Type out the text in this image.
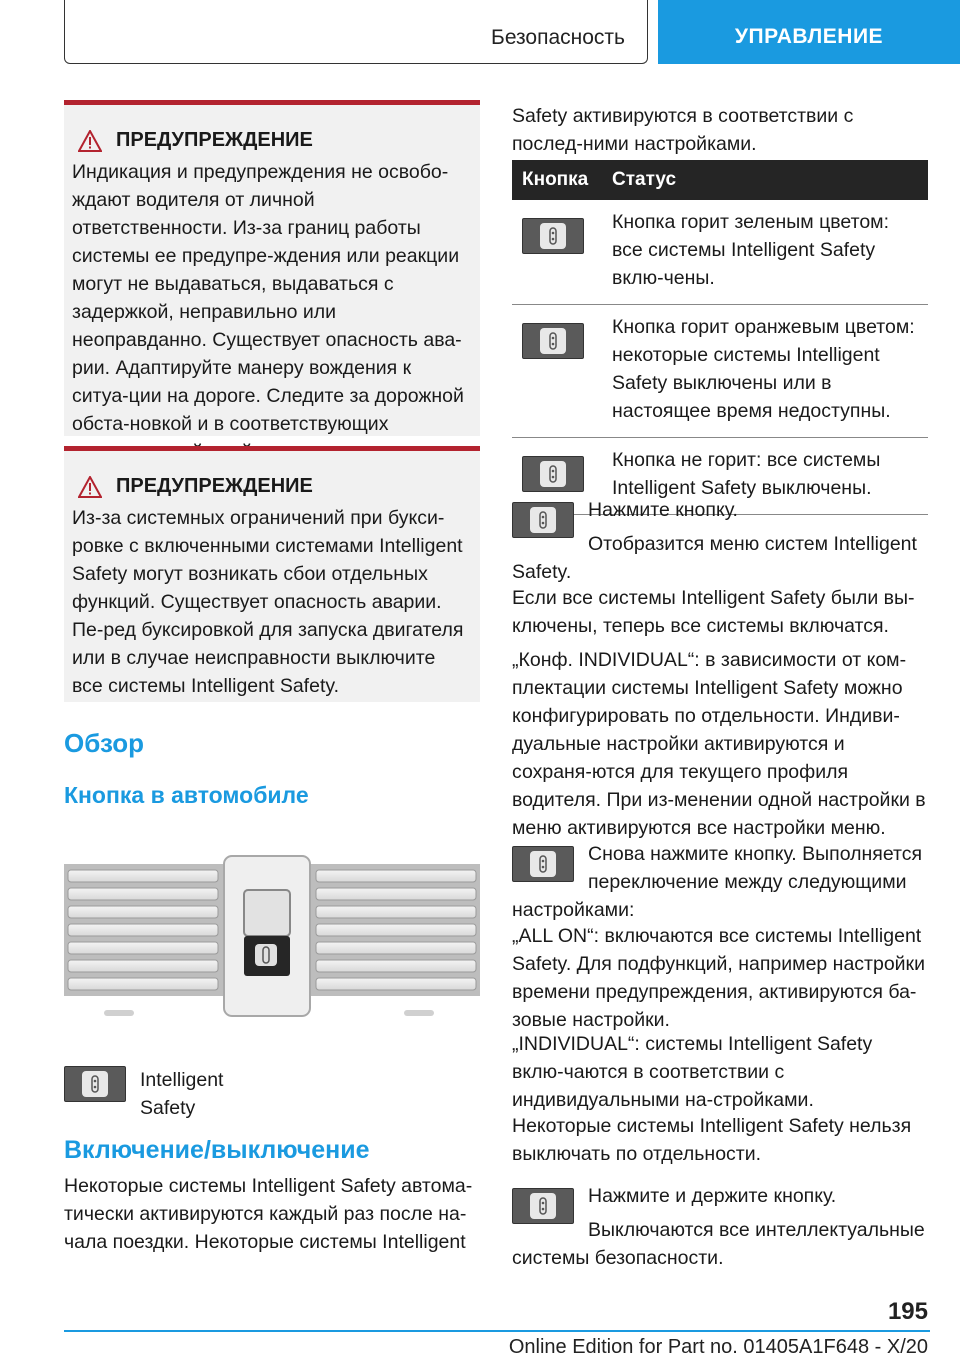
Безопасность	УПРАВЛЕНИЕ
ПРЕДУПРЕЖДЕНИЕ
Индикация и предупреждения не освобо-ждают водителя от личной ответственности. Из-за границ работы системы ее предупре-ждения или реакции могут не выдаваться, выдаваться с задержкой, неправильно или неоправданно. Существует опасность ава-рии. Адаптируйте манеру вождения к ситуа-ции на дороге. Следите за дорожной обста-новкой и в соответствующих
ПРЕДУПРЕЖДЕНИЕ
Из-за системных ограничений при букси-ровке с включенными системами Intelligent Safety могут возникать сбои отдельных функций. Существует опасность аварии. Пе-ред буксировкой для запуска двигателя или в случае неисправности выключите все системы Intelligent Safety.
Обзор
Кнопка в автомобиле
Intelligent Safety
Включение/выключение
Некоторые системы Intelligent Safety автома-тически активируются каждый раз после на-чала поездки. Некоторые системы Intelligent
Safety активируются в соответствии с послед-ними настройками.
Кнопка	Статус

	Кнопка горит зеленым цветом: все системы Intelligent Safety вклю-чены.

	Кнопка горит оранжевым цветом: некоторые системы Intelligent Safety выключены или в настоящее время недоступны.

	Кнопка не горит: все системы Intelligent Safety выключены.
Нажмите кнопку.
Отобразится меню систем Intelligent Safety.
Если все системы Intelligent Safety были вы-ключены, теперь все системы включатся.
„Конф. INDIVIDUAL“: в зависимости от ком-плектации системы Intelligent Safety можно конфигурировать по отдельности. Индиви-дуальные настройки активируются и сохраня-ются для текущего профиля водителя. При из-менении одной настройки в меню активируются все настройки меню.
Снова нажмите кнопку. Выполняется переключение между следующими настройками:
„ALL ON“: включаются все системы Intelligent Safety. Для подфункций, например настройки времени предупреждения, активируются ба-зовые настройки.
„INDIVIDUAL“: системы Intelligent Safety вклю-чаются в соответствии с индивидуальными на-стройками.
Некоторые системы Intelligent Safety нельзя выключать по отдельности.
Нажмите и держите кнопку.
Выключаются все интеллектуальные системы безопасности.
195
Online Edition for Part no. 01405A1F648 - X/20
